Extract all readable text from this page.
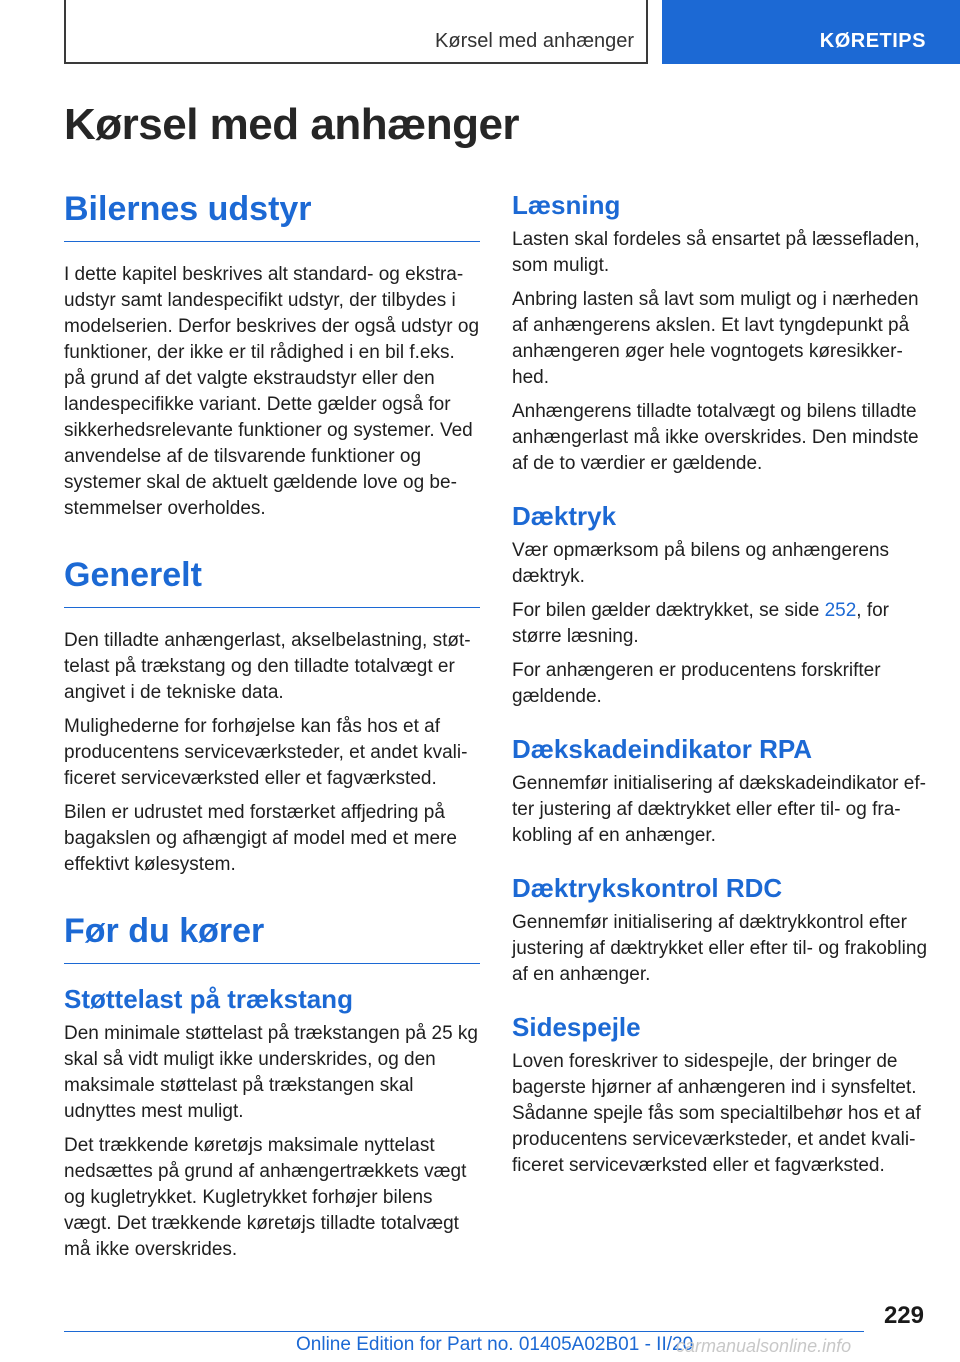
Kørsel med anhænger	KØRETIPS
Kørsel med anhænger
Bilernes udstyr

I dette kapitel beskrives alt standard- og ekstraudstyr samt landespecifikt udstyr, der tilbydes i modelserien. Derfor beskrives der også udstyr og funktioner, der ikke er til rådighed i en bil f.eks. på grund af det valgte ekstraudstyr eller den landespecifikke variant. Dette gælder også for sikkerhedsrelevante funktioner og systemer. Ved anvendelse af de tilsvarende funktioner og systemer skal de aktuelt gældende love og bestemmelser overholdes.

Generelt

Den tilladte anhængerlast, akselbelastning, støttelast på trækstang og den tilladte totalvægt er angivet i de tekniske data.

Mulighederne for forhøjelse kan fås hos et af producentens serviceværksteder, et andet kvalificeret serviceværksted eller et fagværksted.

Bilen er udrustet med forstærket affjedring på bagakslen og afhængigt af model med et mere effektivt kølesystem.

Før du kører
Støttelast på trækstang

Den minimale støttelast på trækstangen på 25 kg skal så vidt muligt ikke underskrides, og den maksimale støttelast på trækstangen skal udnyttes mest muligt.

Det trækkende køretøjs maksimale nyttelast nedsættes på grund af anhængertrækkets vægt og kugletrykket. Kugletrykket forhøjer bilens vægt. Det trækkende køretøjs tilladte totalvægt må ikke overskrides.

Læsning

Lasten skal fordeles så ensartet på læssefladen, som muligt.

Anbring lasten så lavt som muligt og i nærheden af anhængerens akslen. Et lavt tyngdepunkt på anhængeren øger hele vogntogets køresikkerhed.

Anhængerens tilladte totalvægt og bilens tilladte anhængerlast må ikke overskrides. Den mindste af de to værdier er gældende.

Dæktryk

Vær opmærksom på bilens og anhængerens dæktryk.

For bilen gælder dæktrykket, se side 252, for større læsning.

For anhængeren er producentens forskrifter gældende.

Dækskadeindikator RPA

Gennemfør initialisering af dækskadeindikator efter justering af dæktrykket eller efter til- og frakobling af en anhænger.

Dæktrykskontrol RDC

Gennemfør initialisering af dæktrykkontrol efter justering af dæktrykket eller efter til- og frakobling af en anhænger.

Sidespejle

Loven foreskriver to sidespejle, der bringer de bagerste hjørner af anhængeren ind i synsfeltet. Sådanne spejle fås som specialtilbehør hos et af producentens serviceværksteder, et andet kvalificeret serviceværksted eller et fagværksted.

229
Online Edition for Part no. 01405A02B01 - II/20
carmanualsonline.info
